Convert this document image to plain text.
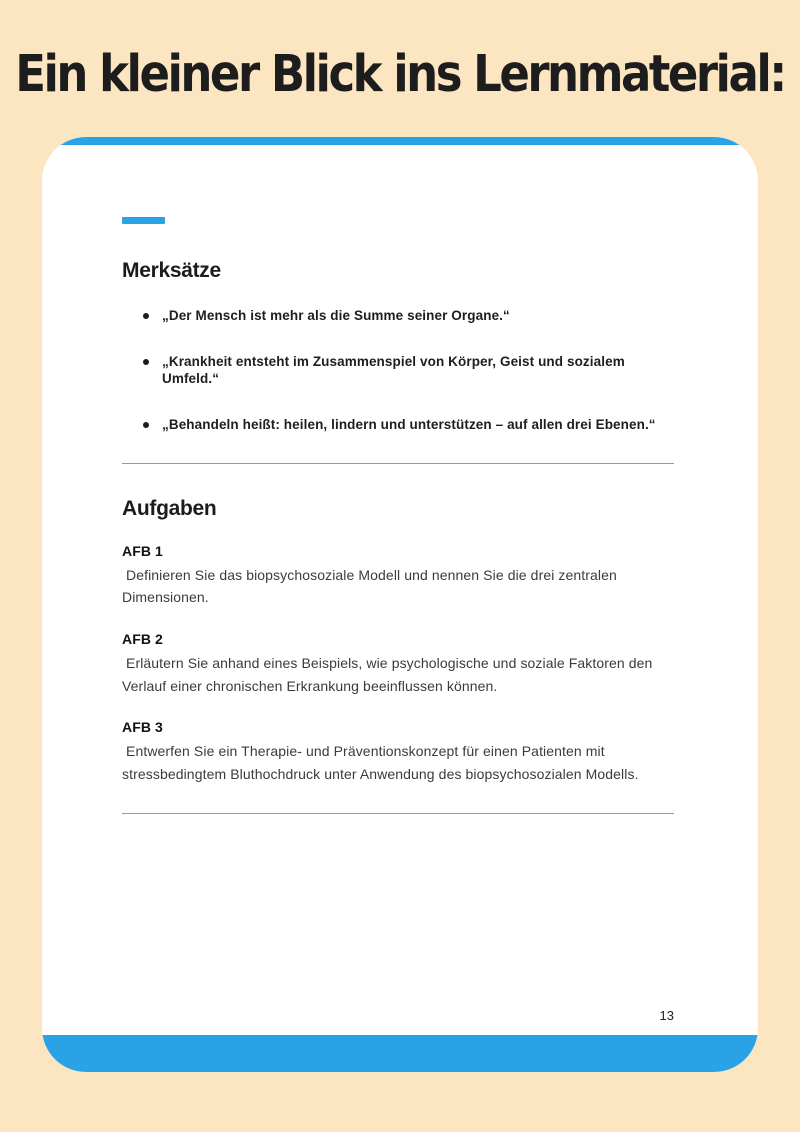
Ein kleiner Blick ins Lernmaterial:
Merksätze
„Der Mensch ist mehr als die Summe seiner Organe.“
„Krankheit entsteht im Zusammenspiel von Körper, Geist und sozialem Umfeld.“
„Behandeln heißt: heilen, lindern und unterstützen – auf allen drei Ebenen.“
Aufgaben
AFB 1
Definieren Sie das biopsychosoziale Modell und nennen Sie die drei zentralen Dimensionen.
AFB 2
Erläutern Sie anhand eines Beispiels, wie psychologische und soziale Faktoren den Verlauf einer chronischen Erkrankung beeinflussen können.
AFB 3
Entwerfen Sie ein Therapie- und Präventionskonzept für einen Patienten mit stressbedingtem Bluthochdruck unter Anwendung des biopsychosozialen Modells.
13
